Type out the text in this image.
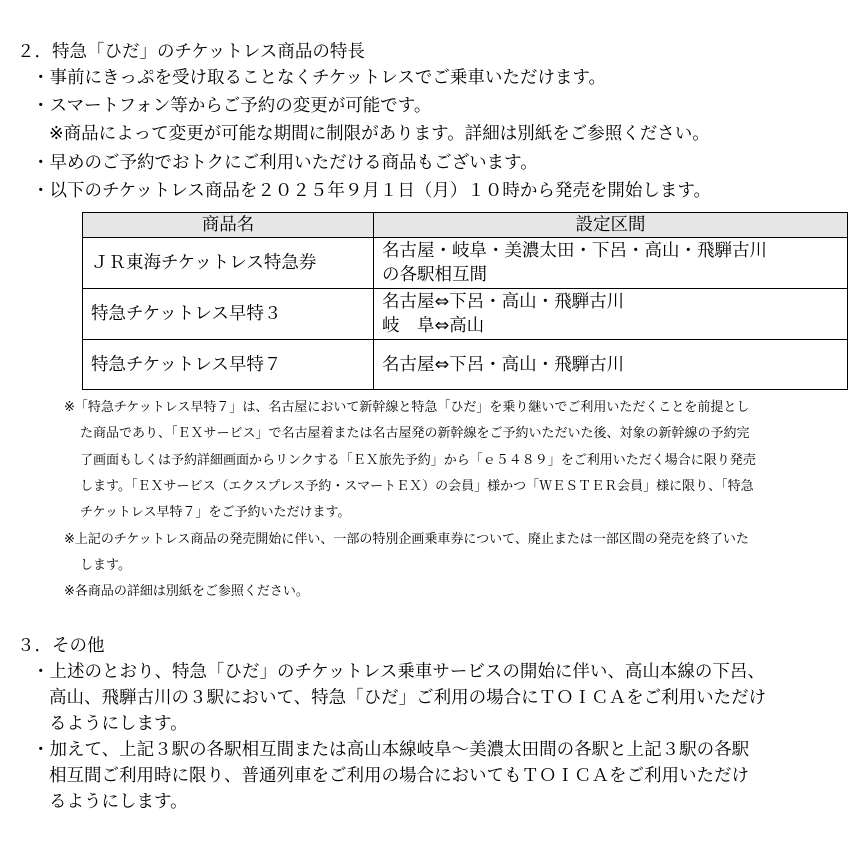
２．特急「ひだ」のチケットレス商品の特長
・事前にきっぷを受け取ることなくチケットレスでご乗車いただけます。
・スマートフォン等からご予約の変更が可能です。
※商品によって変更が可能な期間に制限があります。詳細は別紙をご参照ください。
・早めのご予約でおトクにご利用いただける商品もございます。
・以下のチケットレス商品を２０２５年９月１日（月）１０時から発売を開始します。
商品名	設定区間
ＪＲ東海チケットレス特急券	名古屋・岐阜・美濃太田・下呂・高山・飛騨古川
の各駅相互間

特急チケットレス早特３	名古屋⇔下呂・高山・飛騨古川
岐　阜⇔高山

特急チケットレス早特７	名古屋⇔下呂・高山・飛騨古川
※「特急チケットレス早特７」は、名古屋において新幹線と特急「ひだ」を乗り継いでご利用いただくことを前提とし
た商品であり、「ＥＸサービス」で名古屋着または名古屋発の新幹線をご予約いただいた後、対象の新幹線の予約完
了画面もしくは予約詳細画面からリンクする「ＥＸ旅先予約」から「ｅ５４８９」をご利用いただく場合に限り発売
します。「ＥＸサービス（エクスプレス予約・スマートＥＸ）の会員」様かつ「ＷＥＳＴＥＲ会員」様に限り、「特急
チケットレス早特７」をご予約いただけます。
※上記のチケットレス商品の発売開始に伴い、一部の特別企画乗車券について、廃止または一部区間の発売を終了いた
します。
※各商品の詳細は別紙をご参照ください。
３．その他
・上述のとおり、特急「ひだ」のチケットレス乗車サービスの開始に伴い、高山本線の下呂、
高山、飛騨古川の３駅において、特急「ひだ」ご利用の場合にＴＯＩＣＡをご利用いただけ
るようにします。
・加えて、上記３駅の各駅相互間または高山本線岐阜～美濃太田間の各駅と上記３駅の各駅
相互間ご利用時に限り、普通列車をご利用の場合においてもＴＯＩＣＡをご利用いただけ
るようにします。
